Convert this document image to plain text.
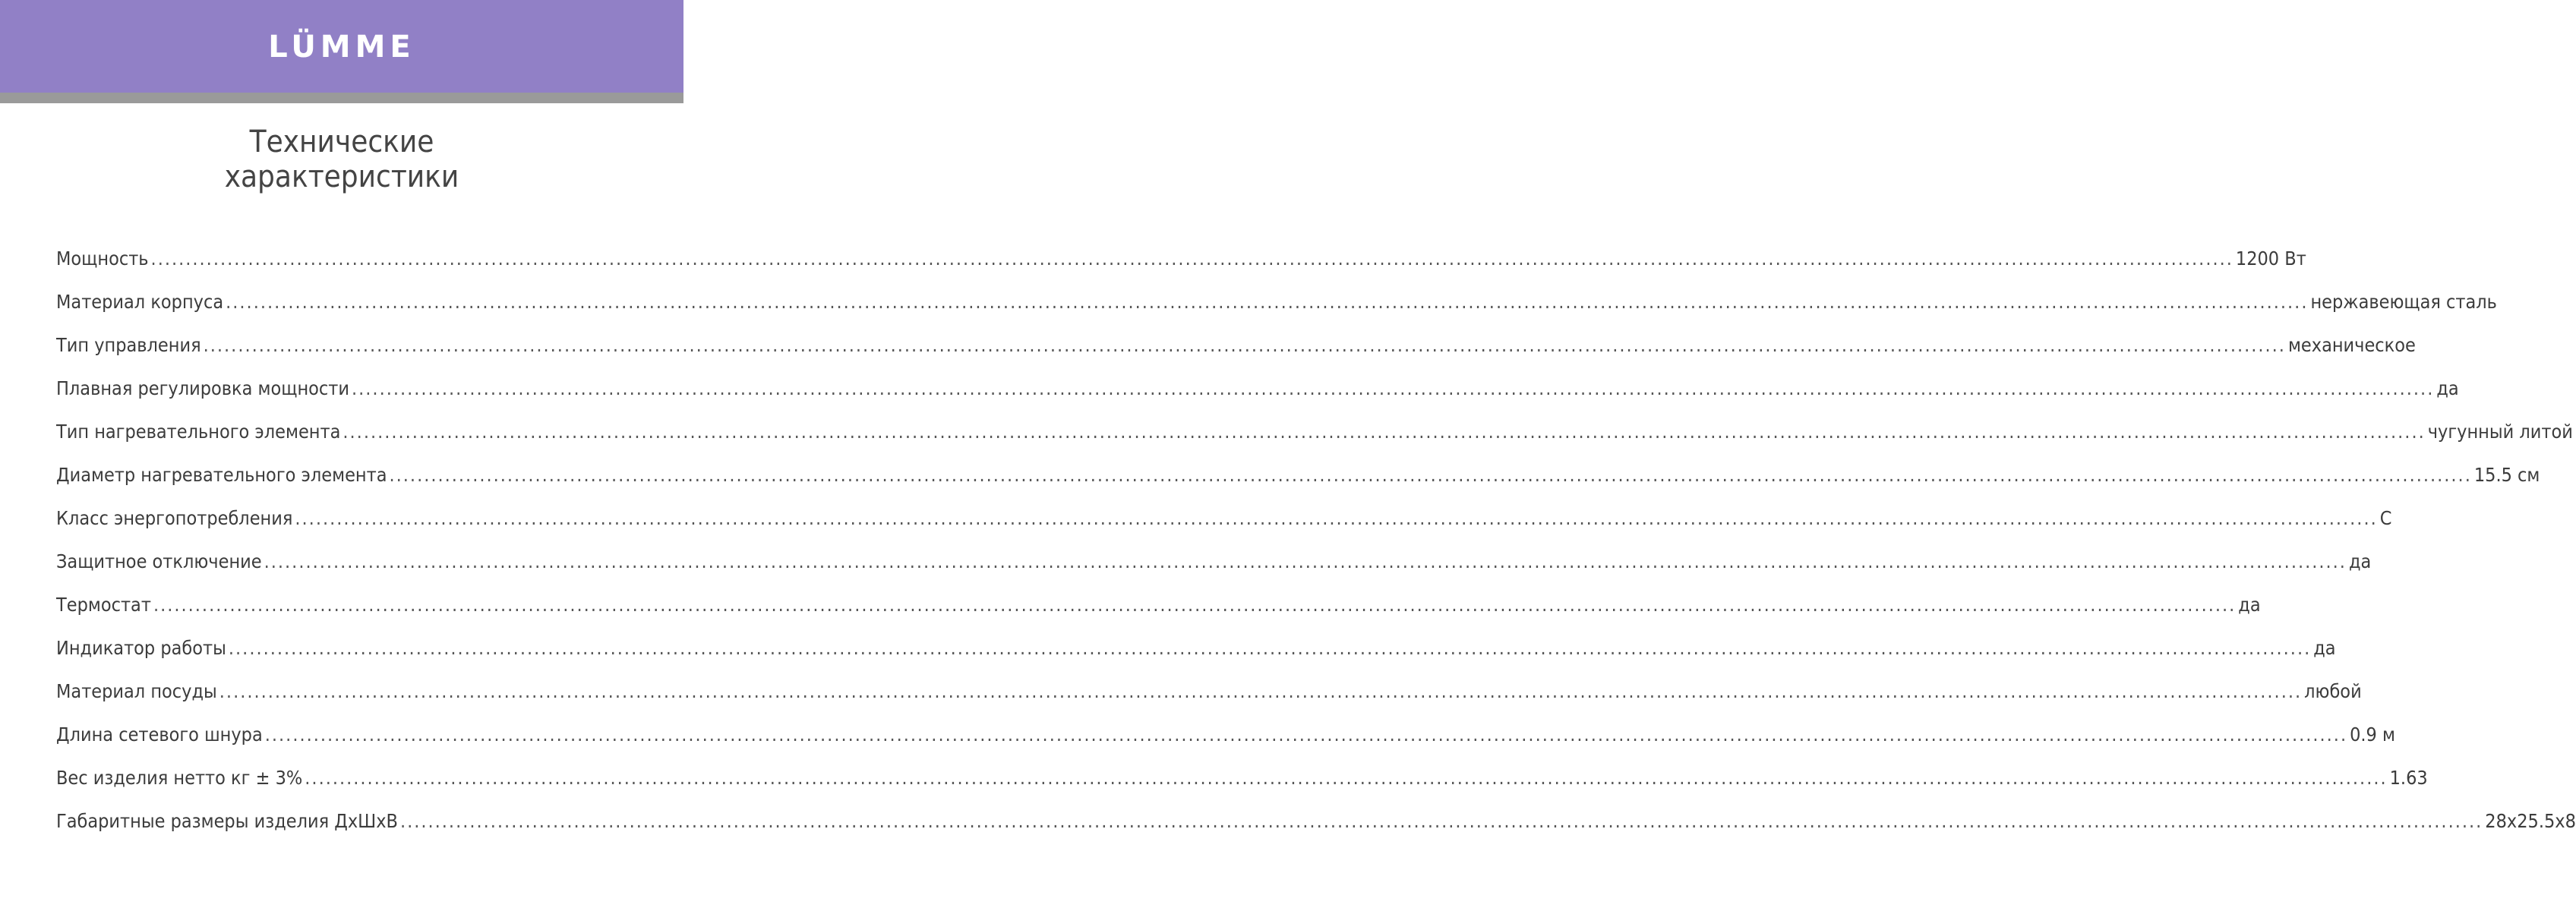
LÜMME
Технические
характеристики
Мощность ............................................................................................................................................................................................................................................................................................................ 1200 Вт
Материал корпуса ............................................................................................................................................................................................................................................................................................................ нержавеющая сталь
Тип управления ............................................................................................................................................................................................................................................................................................................ механическое
Плавная регулировка мощности ............................................................................................................................................................................................................................................................................................................ да
Тип нагревательного элемента ............................................................................................................................................................................................................................................................................................................ чугунный литой
Диаметр нагревательного элемента ............................................................................................................................................................................................................................................................................................................ 15.5 см
Класс энергопотребления ............................................................................................................................................................................................................................................................................................................ С
Защитное отключение ............................................................................................................................................................................................................................................................................................................ да
Термостат ............................................................................................................................................................................................................................................................................................................ да
Индикатор работы ............................................................................................................................................................................................................................................................................................................ да
Материал посуды ............................................................................................................................................................................................................................................................................................................ любой
Длина сетевого шнура ............................................................................................................................................................................................................................................................................................................ 0.9 м
Вес изделия нетто кг ± 3% ............................................................................................................................................................................................................................................................................................................ 1.63
Габаритные размеры изделия ДхШхВ ............................................................................................................................................................................................................................................................................................................ 28х25.5х8
